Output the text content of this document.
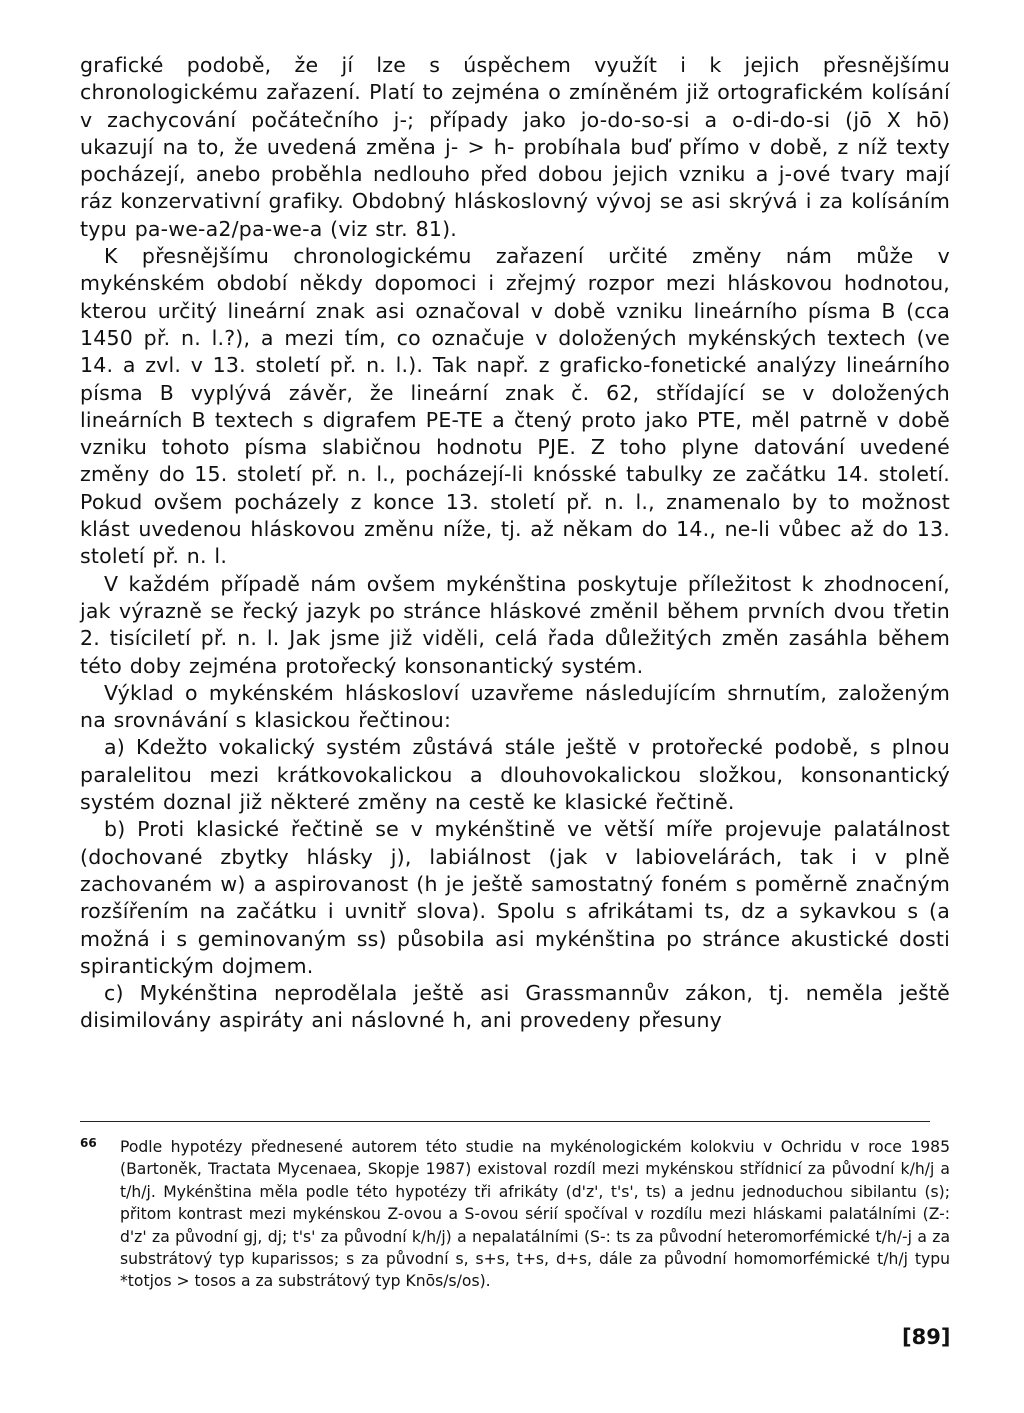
grafické podobě, že jí lze s úspěchem využít i k jejich přesnějšímu chronologickému zařazení. Platí to zejména o zmíněném již ortografickém kolísání v zachycování počátečního j-; případy jako jo-do-so-si a o-di-do-si (jō X hō) ukazují na to, že uvedená změna j- > h- probíhala buď přímo v době, z níž texty pocházejí, anebo proběhla nedlouho před dobou jejich vzniku a j-ové tvary mají ráz konzervativní grafiky. Obdobný hláskoslovný vývoj se asi skrývá i za kolísáním typu pa-we-a2/pa-we-a (viz str. 81).

K přesnějšímu chronologickému zařazení určité změny nám může v mykénském období někdy dopomoci i zřejmý rozpor mezi hláskovou hodnotou, kterou určitý lineární znak asi označoval v době vzniku lineárního písma B (cca 1450 př. n. l.?), a mezi tím, co označuje v doložených mykénských textech (ve 14. a zvl. v 13. století př. n. l.). Tak např. z graficko-fonetické analýzy lineárního písma B vyplývá závěr, že lineární znak č. 62, střídající se v doložených lineárních B textech s digrafem PE-TE a čtený proto jako PTE, měl patrně v době vzniku tohoto písma slabičnou hodnotu PJE. Z toho plyne datování uvedené změny do 15. století př. n. l., pocházejí-li knósské tabulky ze začátku 14. století. Pokud ovšem pocházely z konce 13. století př. n. l., znamenalo by to možnost klást uvedenou hláskovou změnu níže, tj. až někam do 14., ne-li vůbec až do 13. století př. n. l.

V každém případě nám ovšem mykénština poskytuje příležitost k zhodnocení, jak výrazně se řecký jazyk po stránce hláskové změnil během prvních dvou třetin 2. tisíciletí př. n. l. Jak jsme již viděli, celá řada důležitých změn zasáhla během této doby zejména protořecký konsonantický systém.

Výklad o mykénském hláskosloví uzavřeme následujícím shrnutím, založeným na srovnávání s klasickou řečtinou:

a) Kdežto vokalický systém zůstává stále ještě v protořecké podobě, s plnou paralelitou mezi krátkovokalickou a dlouhovokalickou složkou, konsonantický systém doznal již některé změny na cestě ke klasické řečtině.

b) Proti klasické řečtině se v mykénštině ve větší míře projevuje palatálnost (dochované zbytky hlásky j), labiálnost (jak v labiovelárách, tak i v plně zachovaném w) a aspirovanost (h je ještě samostatný foném s poměrně značným rozšířením na začátku i uvnitř slova). Spolu s afrikátami ts, dz a sykavkou s (a možná i s geminovaným ss) působila asi mykénština po stránce akustické dosti spirantickým dojmem.

c) Mykénština neprodělala ještě asi Grassmannův zákon, tj. neměla ještě disimilovány aspiráty ani náslovné h, ani provedeny přesuny

66 Podle hypotézy přednesené autorem této studie na mykénologickém kolokviu v Ochridu v roce 1985 (Bartoněk, Tractata Mycenaea, Skopje 1987) existoval rozdíl mezi mykénskou střídnicí za původní k/h/j a t/h/j. Mykénština měla podle této hypotézy tři afrikáty (d'z', t's', ts) a jednu jednoduchou sibilantu (s); přitom kontrast mezi mykénskou Z-ovou a S-ovou sérií spočíval v rozdílu mezi hláskami palatálními (Z-: d'z' za původní gj, dj; t's' za původní k/h/j) a nepalatálními (S-: ts za původní heteromorfémické t/h/-j a za substrátový typ kuparissos; s za původní s, s+s, t+s, d+s, dále za původní homomorfémické t/h/j typu *totjos > tosos a za substrátový typ Knōs/s/os).

[89]
